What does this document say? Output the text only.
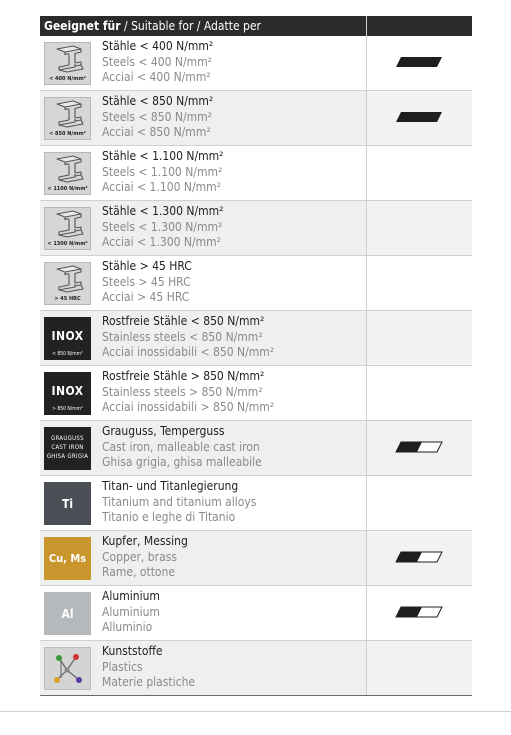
Geeignet für / Suitable for / Adatte per
< 400 N/mm²
Stähle < 400 N/mm²
Steels < 400 N/mm²
Acciai < 400 N/mm²
< 850 N/mm²
Stähle < 850 N/mm²
Steels < 850 N/mm²
Acciai < 850 N/mm²
< 1100 N/mm²
Stähle < 1.100 N/mm²
Steels < 1.100 N/mm²
Acciai < 1.100 N/mm²
< 1300 N/mm²
Stähle < 1.300 N/mm²
Steels < 1.300 N/mm²
Acciai < 1.300 N/mm²
> 45 HRC
Stähle > 45 HRC
Steels > 45 HRC
Acciai > 45 HRC
INOX
< 850 N/mm²
Rostfreie Stähle < 850 N/mm²
Stainless steels < 850 N/mm²
Acciai inossidabili < 850 N/mm²
INOX
> 850 N/mm²
Rostfreie Stähle > 850 N/mm²
Stainless steels > 850 N/mm²
Acciai inossidabili > 850 N/mm²
GRAUGUSS
CAST IRON
GHISA GRIGIA
Grauguss, Temperguss
Cast iron, malleable cast iron
Ghisa grigia, ghisa malleabile
Ti
Titan- und Titanlegierung
Titanium and titanium alloys
Titanio e leghe di Titanio
Cu, Ms
Kupfer, Messing
Copper, brass
Rame, ottone
Al
Aluminium
Aluminium
Alluminio
Kunststoffe
Plastics
Materie plastiche
